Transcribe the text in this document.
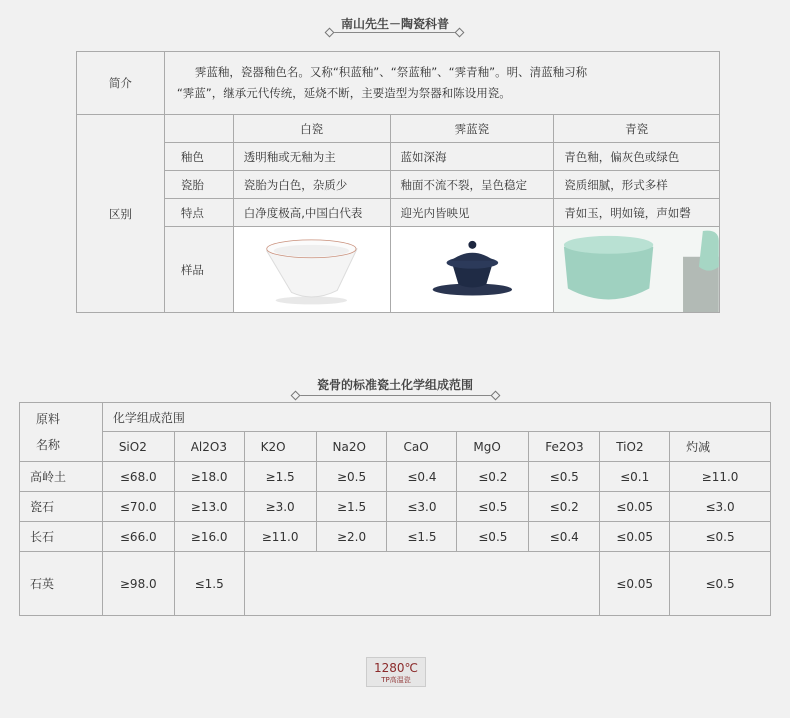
南山先生－陶瓷科普
简介	霁蓝釉，瓷器釉色名。又称“积蓝釉”、“祭蓝釉”、“霁青釉”。明、清蓝釉习称
“霁蓝”，继承元代传统，延烧不断，主要造型为祭器和陈设用瓷。			

区别		白瓷	霁蓝瓷	青瓷
	釉色	透明釉或无釉为主	蓝如深海	青色釉，偏灰色或绿色
	瓷胎	瓷胎为白色，杂质少	釉面不流不裂，呈色稳定	瓷质细腻，形式多样
	特点	白净度极高,中国白代表	迎光内皆映见	青如玉，明如镜，声如磬
	样品	

瓷骨的标准瓷土化学组成范围
原料
名称	化学组成范围								
	SiO2	Al2O3	K2O	Na2O	CaO	MgO	Fe2O3	TiO2	灼减
高岭土	≤68.0	≥18.0	≥1.5	≥0.5	≤0.4	≤0.2	≤0.5	≤0.1	≥11.0
瓷石	≤70.0	≥13.0	≥3.0	≥1.5	≤3.0	≤0.5	≤0.2	≤0.05	≤3.0
长石	≤66.0	≥16.0	≥11.0	≥2.0	≤1.5	≤0.5	≤0.4	≤0.05	≤0.5
石英	≥98.0	≤1.5						≤0.05	≤0.5
1280℃
TP高温瓷
